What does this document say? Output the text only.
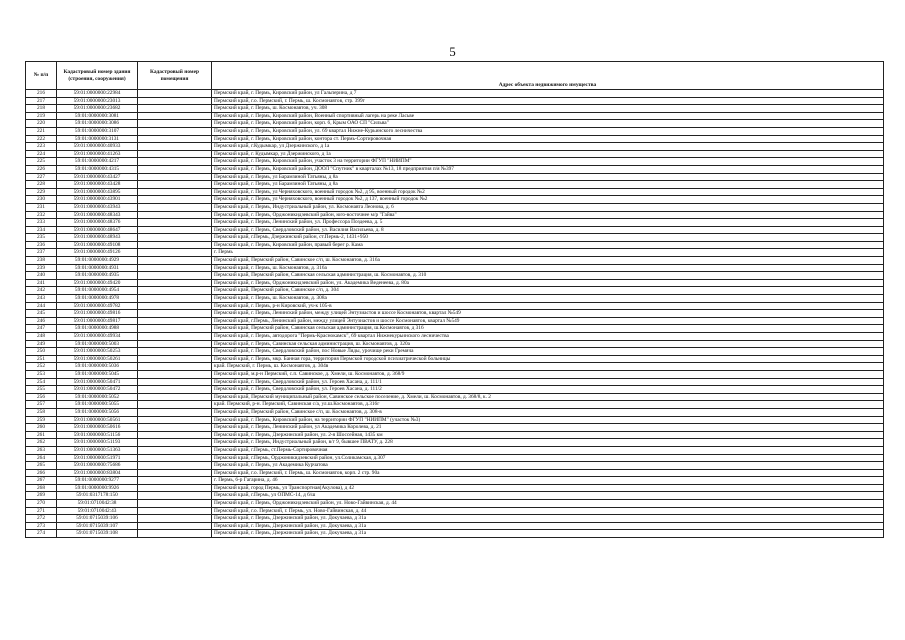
5
№ п/п	Кадастровый номер здания (строения, сооружения)	Кадастровый номер помещения	
			Адрес объекта недвижимого имущества
216	59:01:0000000:22984		Пермский край, г. Пермь, Кировский район, ул Гальперина, д 7
217	59:01:0000000:23013		Пермский край, г.о. Пермский, г. Пермь, ш. Космонавтов, стр. 399г
218	59:01:0000000:23682		Пермский край, г. Пермь, ш. Космонавтов, уч. 308
219	59:01:0000000:3081		Пермский край, г. Пермь, Кировский район, Военный спортивный лагерь на реке Ласьве
220	59:01:0000000:3086		Пермский край, г. Пермь, Кировский район, корп. 6, Крым ОАО СП "Сильва"
221	59:01:0000000:3107		Пермский край, г. Пермь, Кировский район, ул. 69 квартал Нижне-Курьинского лесничества
222	59:01:0000000:3131		Пермский край, г. Пермь, Кировский район, контора ст. Пермь-Сортировочная
223	59:01:0000000:40933		Пермский край, г.Кудымкар, ул Дзержинского, д 1а
224	59:01:0000000:41263		Пермский край, г. Кудымкар, ул Дзержинского, д 1а
225	59:01:0000000:4217		Пермский край, г. Пермь, Кировский район, участок 3 на территории ФГУП "НИИПМ"
226	59:01:0000000:4315		Пермский край, г. Пермь, Кировский район, ДООЛ "Спутник" в кварталах №13, 18 предприятия п/я №397
227	59:01:0000000:43427		Пермский край, г. Пермь, ул Барамзиной Татьяны, д 8а
228	59:01:0000000:43428		Пермский край, г. Пермь, ул Барамзиной Татьяны, д 8а
229	59:01:0000000:43895		Пермский край, г. Пермь, ул Черняховского, военный городок №2, д 95, военный городок №2
230	59:01:0000000:43901		Пермский край, г. Пермь, ул Черняховского, военный городок №2, д 137, военный городок №2
231	59:01:0000000:43943		Пермский край, г. Пермь, Индустриальный район, ул. Космонавта Леонова, д. 6
232	59:01:0000000:48343		Пермский край, г. Пермь, Орджоникидзевский район, юго-восточнее м/р "Гайва"
233	59:01:0000000:48376		Пермский край, г. Пермь, Ленинский район, ул. Профессора Поздеева, д. 5
234	59:01:0000000:48647		Пермский край, г. Пермь, Свердловский район, ул. Василия Васильева, д. 8
235	59:01:0000000:48943		Пермский край, г.Пермь, Дзержинский район, ст.Пермь-2, 1431+950
236	59:01:0000000:49108		Пермский край, г. Пермь, Кировский район, правый берег р. Кама
237	59:01:0000000:49126		г. Пермь
238	59:01:0000000:4929		Пермский край, Пермский район, Савинское с/п, ш. Космонавтов, д. 316а
239	59:01:0000000:4931		Пермский край, г. Пермь, ш. Космонавтов, д. 316а
240	59:01:0000000:4935		Пермский край, Пермский район, Савинская сельская администрация, ш. Космонавтов, д. 310
241	59:01:0000000:49420		Пермский край, г. Пермь, Орджоникидзевский район, ул. Академика Веденеева, д. 80а
242	59:01:0000000:4954		Пермский край, Пермский район, Савинское с/п, д. 304
243	59:01:0000000:4978		Пермский край, г. Пермь, ш. Космонавтов, д. 308а
244	59:01:0000000:49782		Пермский край, г. Пермь, р-н Кировский, уч-к 105-в
245	59:01:0000000:49816		Пермский край, г. Пермь, Ленинский район, между улицей Энтузиастов и шоссе Космонавтов, квартал №549
246	59:01:0000000:49817		Пермский край, г.Пермь, Ленинский район, между улицей Энтузиастов и шоссе Космонавтов, квартал №549
247	59:01:0000000:4988		Пермский край, Пермский район, Савинская сельская администрация, ш.Космонавтов, д 316
248	59:01:0000000:49934		Пермский край, г. Пермь, автодорога "Пермь-Краснокамск", 69 квартал Нижнекурьинского лесничества
249	59:01:0000000:5003		Пермский край, г. Пермь, Савинская сельская администрация, ш. Космонавтов, д. 320а
250	59:01:0000000:50253		Пермский край, г. Пермь, Свердловский район, пос Новые Ляды, урочище реки Гремяча
251	59:01:0000000:50261		Пермский край, г. Пермь, мкр. Банная гора, территория Пермской городской психиатрической больницы
252	59:01:0000000:5036		край. Пермский, г. Пермь, ш. Космонавтов, д. 304в
253	59:01:0000000:5045		Пермский край, м.р-н Пермский, с.п. Савинское, д. Хмели, ш. Космонавтов, д. 368/9
254	59:01:0000000:50471		Пермский край, г. Пермь, Свердловский район, ул. Героев Хасана, д. 111/1
255	59:01:0000000:50472		Пермский край, г. Пермь, Свердловский район, ул. Героев Хасана, д. 111/2
256	59:01:0000000:5052		Пермский край, Пермский муниципальный район, Савинское сельское поселение, д. Хмели, ш. Космонавтов, д. 368/8, к. 2
257	59:01:0000000:5055		край. Пермский, р-н. Пермский, Савинская с/а, ул.ш.Космонавтов, д.316г
258	59:01:0000000:5056		Пермский край, Пермский район, Савинское с/п, ш. Космонавтов, д. 308-в
259	59:01:0000000:50561		Пермский край, г. Пермь, Кировский район, на территории ФГУП "НИИПМ" (участок №3)
260	59:01:0000000:50616		Пермский край, г. Пермь, Ленинский район, ул Академика Королева, д. 21
261	59:01:0000000:51156		Пермский край, г. Пермь, Дзержинский район, ул. 2-я Шоссейная, 1435 км
262	59:01:0000000:51193		Пермский край, г. Пермь, Индустриальный район, в/г 9, бывшее ПВАТУ, д. 228
263	59:01:0000000:51363		Пермский край, г.Пермь, ст.Пермь-Сортировочная
264	59:01:0000000:51971		Пермский край, г.Пермь, Орджоникидзевский район, ул.Соликамская, д.307
265	59:01:0000000:75686		Пермский край, г. Пермь, ул Академика Курчатова
266	59:01:0000000:83804		Пермский край, г.о. Пермский, г. Пермь, ш. Космонавтов, корп. 2 стр. 90а
267	59:01:0000000:9277		г. Пермь, 6-р Гагарина, д. 46
268	59:01:0000000:9926		Пермский край, город Пермь, ул Транспортная(Акулова), д 42
269	59:01:0317178:150		Пермский край, г.Пермь, ул ОПМС-14, д 6/ш
270	59:01:0710042:38		Пермский край, г. Пермь, Орджоникидзевский район, ул. Ново-Гайвинская, д. 44
271	59:01:0710042:43		Пермский край, г.о. Пермский, г. Пермь, ул. Ново-Гайвинская, д. 44
272	59:01:0715039:106		Пермский край, г. Пермь, Дзержинский район, ул. Докучаева, д 31а
273	59:01:0715039:107		Пермский край, г. Пермь, Дзержинский район, ул. Докучаева, д 31а
274	59:01:0715039:108		Пермский край, г. Пермь, Дзержинский район, ул. Докучаева, д 31а
